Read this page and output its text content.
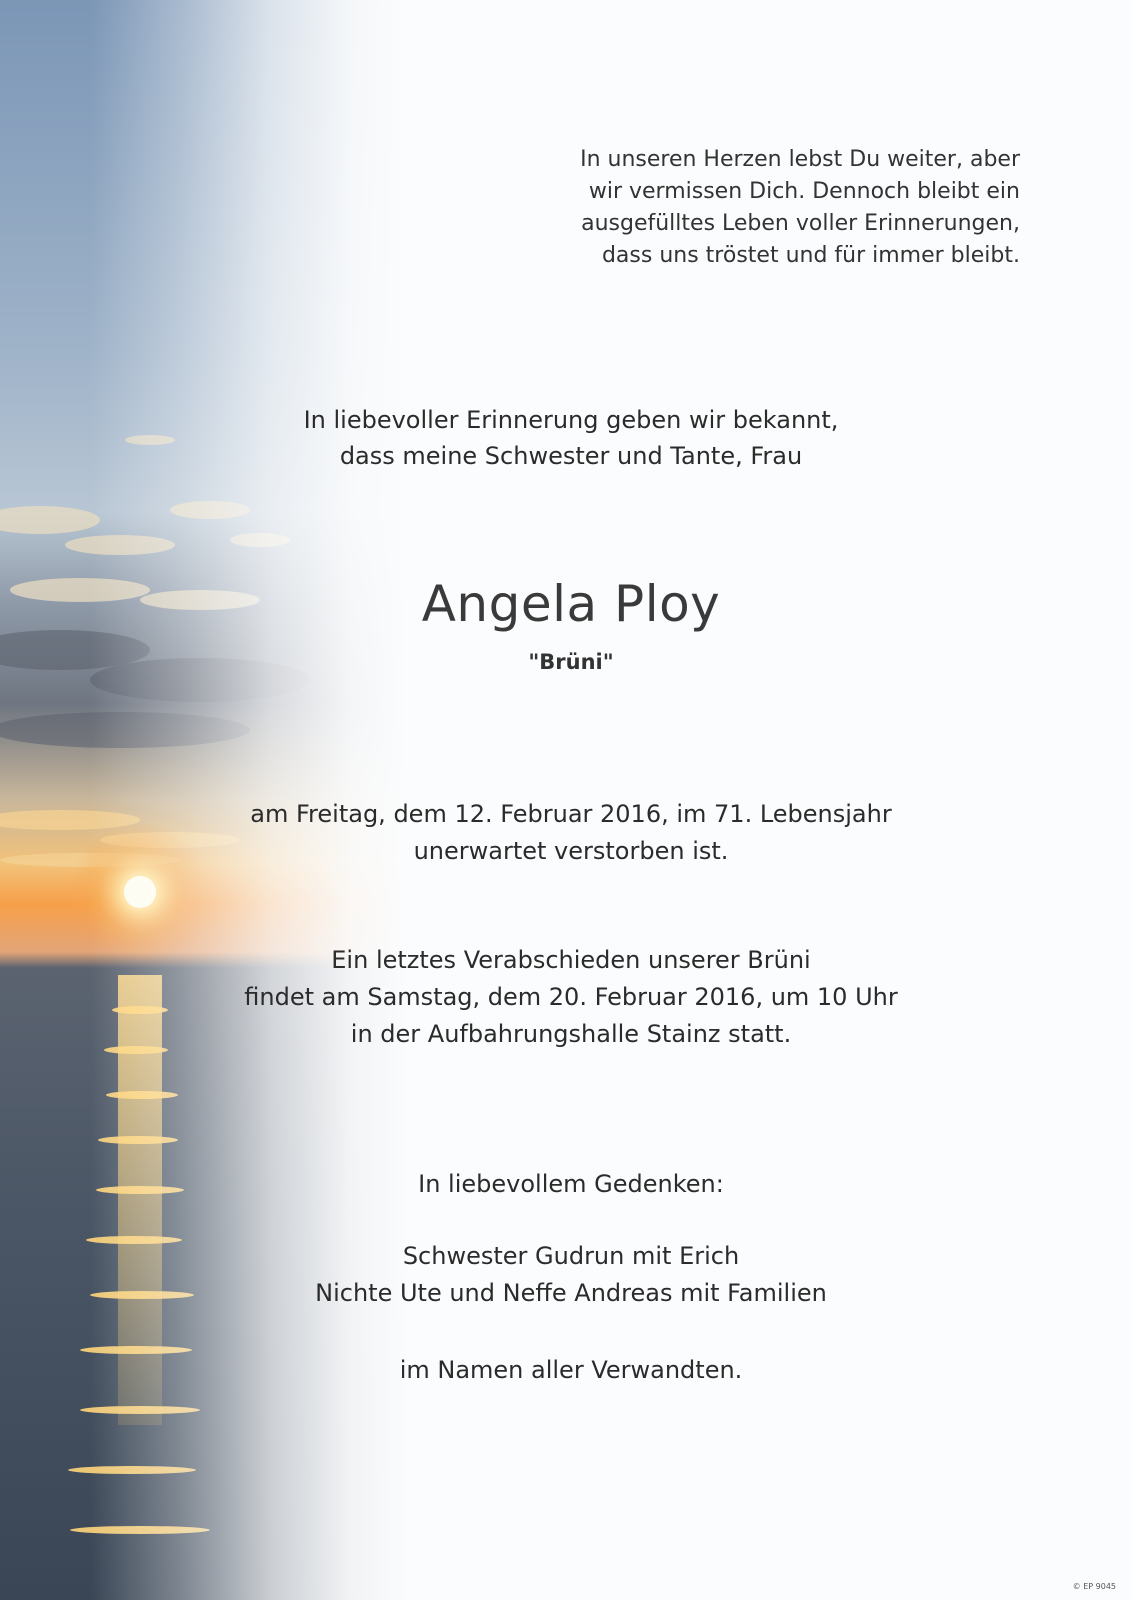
In unseren Herzen lebst Du weiter, aber
wir vermissen Dich. Dennoch bleibt ein
ausgefülltes Leben voller Erinnerungen,
dass uns tröstet und für immer bleibt.
In liebevoller Erinnerung geben wir bekannt,
dass meine Schwester und Tante, Frau
Angela Ploy
"Brüni"
am Freitag, dem 12. Februar 2016, im 71. Lebensjahr
unerwartet verstorben ist.
Ein letztes Verabschieden unserer Brüni
findet am Samstag, dem 20. Februar 2016, um 10 Uhr
in der Aufbahrungshalle Stainz statt.
In liebevollem Gedenken:
Schwester Gudrun mit Erich
Nichte Ute und Neffe Andreas mit Familien
im Namen aller Verwandten.
© EP 9045
